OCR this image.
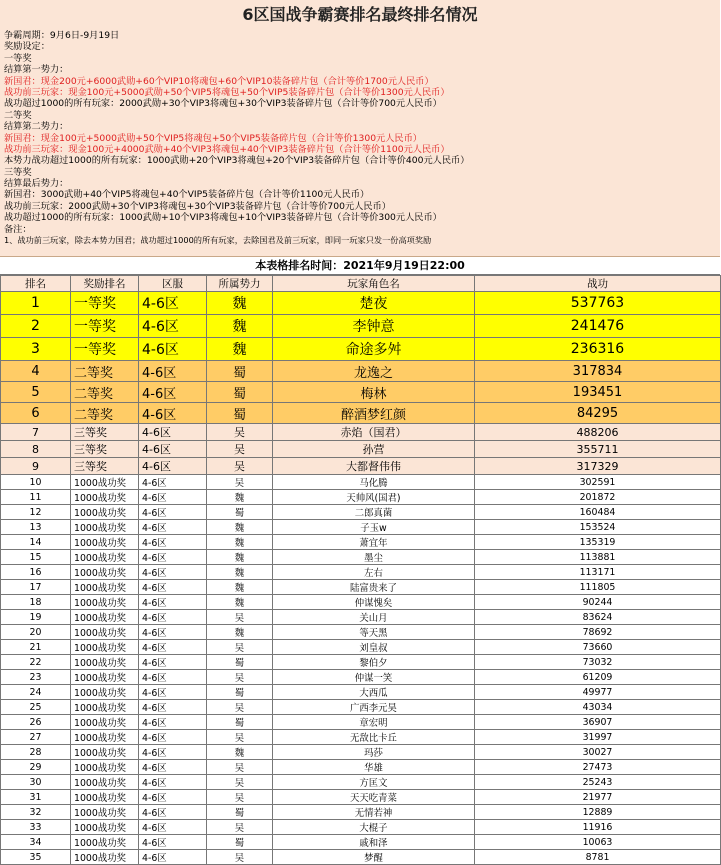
6区国战争霸赛排名最终排名情况
争霸周期：9月6日-9月19日
奖励设定：
一等奖
结算第一势力：
新国君：现金200元+6000武勋+60个VIP10将魂包+60个VIP10装备碎片包（合计等价1700元人民币）
战功前三玩家：现金100元+5000武勋+50个VIP5将魂包+50个VIP5装备碎片包（合计等价1300元人民币）
战功超过1000的所有玩家：2000武勋+30个VIP3将魂包+30个VIP3装备碎片包（合计等价700元人民币）
二等奖
结算第二势力：
新国君：现金100元+5000武勋+50个VIP5将魂包+50个VIP5装备碎片包（合计等价1300元人民币）
战功前三玩家：现金100元+4000武勋+40个VIP3将魂包+40个VIP3装备碎片包（合计等价1100元人民币）
本势力战功超过1000的所有玩家：1000武勋+20个VIP3将魂包+20个VIP3装备碎片包（合计等价400元人民币）
三等奖
结算最后势力：
新国君：3000武勋+40个VIP5将魂包+40个VIP5装备碎片包（合计等价1100元人民币）
战功前三玩家：2000武勋+30个VIP3将魂包+30个VIP3装备碎片包（合计等价700元人民币）
战功超过1000的所有玩家：1000武勋+10个VIP3将魂包+10个VIP3装备碎片包（合计等价300元人民币）
备注：
1、战功前三玩家，除去本势力国君；战功超过1000的所有玩家，去除国君及前三玩家，即同一玩家只发一份高项奖励
本表格排名时间：2021年9月19日22:00
排名	奖励排名	区服	所属势力	玩家角色名	战功
1	一等奖	4-6区	魏	楚夜	537763
2	一等奖	4-6区	魏	李钟意	241476
3	一等奖	4-6区	魏	命途多舛	236316
4	二等奖	4-6区	蜀	龙逸之	317834
5	二等奖	4-6区	蜀	梅林	193451
6	二等奖	4-6区	蜀	醉酒梦红颜	84295
7	三等奖	4-6区	吴	赤焰（国君）	488206
8	三等奖	4-6区	吴	孙营	355711
9	三等奖	4-6区	吴	大都督伟伟	317329
10	1000战功奖	4-6区	吴	马化腾	302591
11	1000战功奖	4-6区	魏	天帅风(国君)	201872
12	1000战功奖	4-6区	蜀	二郎真菌	160484
13	1000战功奖	4-6区	魏	子玉w	153524
14	1000战功奖	4-6区	魏	萧宜年	135319
15	1000战功奖	4-6区	魏	墨尘	113881
16	1000战功奖	4-6区	魏	左右	113171
17	1000战功奖	4-6区	魏	陆富贵来了	111805
18	1000战功奖	4-6区	魏	仲谋愧矣	90244
19	1000战功奖	4-6区	吴	关山月	83624
20	1000战功奖	4-6区	魏	等天黑	78692
21	1000战功奖	4-6区	吴	刘皇叔	73660
22	1000战功奖	4-6区	蜀	黎伯夕	73032
23	1000战功奖	4-6区	吴	仲谋一笑	61209
24	1000战功奖	4-6区	蜀	大西瓜	49977
25	1000战功奖	4-6区	吴	广西李元昊	43034
26	1000战功奖	4-6区	蜀	章宏明	36907
27	1000战功奖	4-6区	吴	无敌比卡丘	31997
28	1000战功奖	4-6区	魏	玛莎	30027
29	1000战功奖	4-6区	吴	华雄	27473
30	1000战功奖	4-6区	吴	方匡文	25243
31	1000战功奖	4-6区	吴	天天吃青菜	21977
32	1000战功奖	4-6区	蜀	无情若神	12889
33	1000战功奖	4-6区	吴	大棍子	11916
34	1000战功奖	4-6区	蜀	戚和泽	10063
35	1000战功奖	4-6区	吴	梦醒	8781
